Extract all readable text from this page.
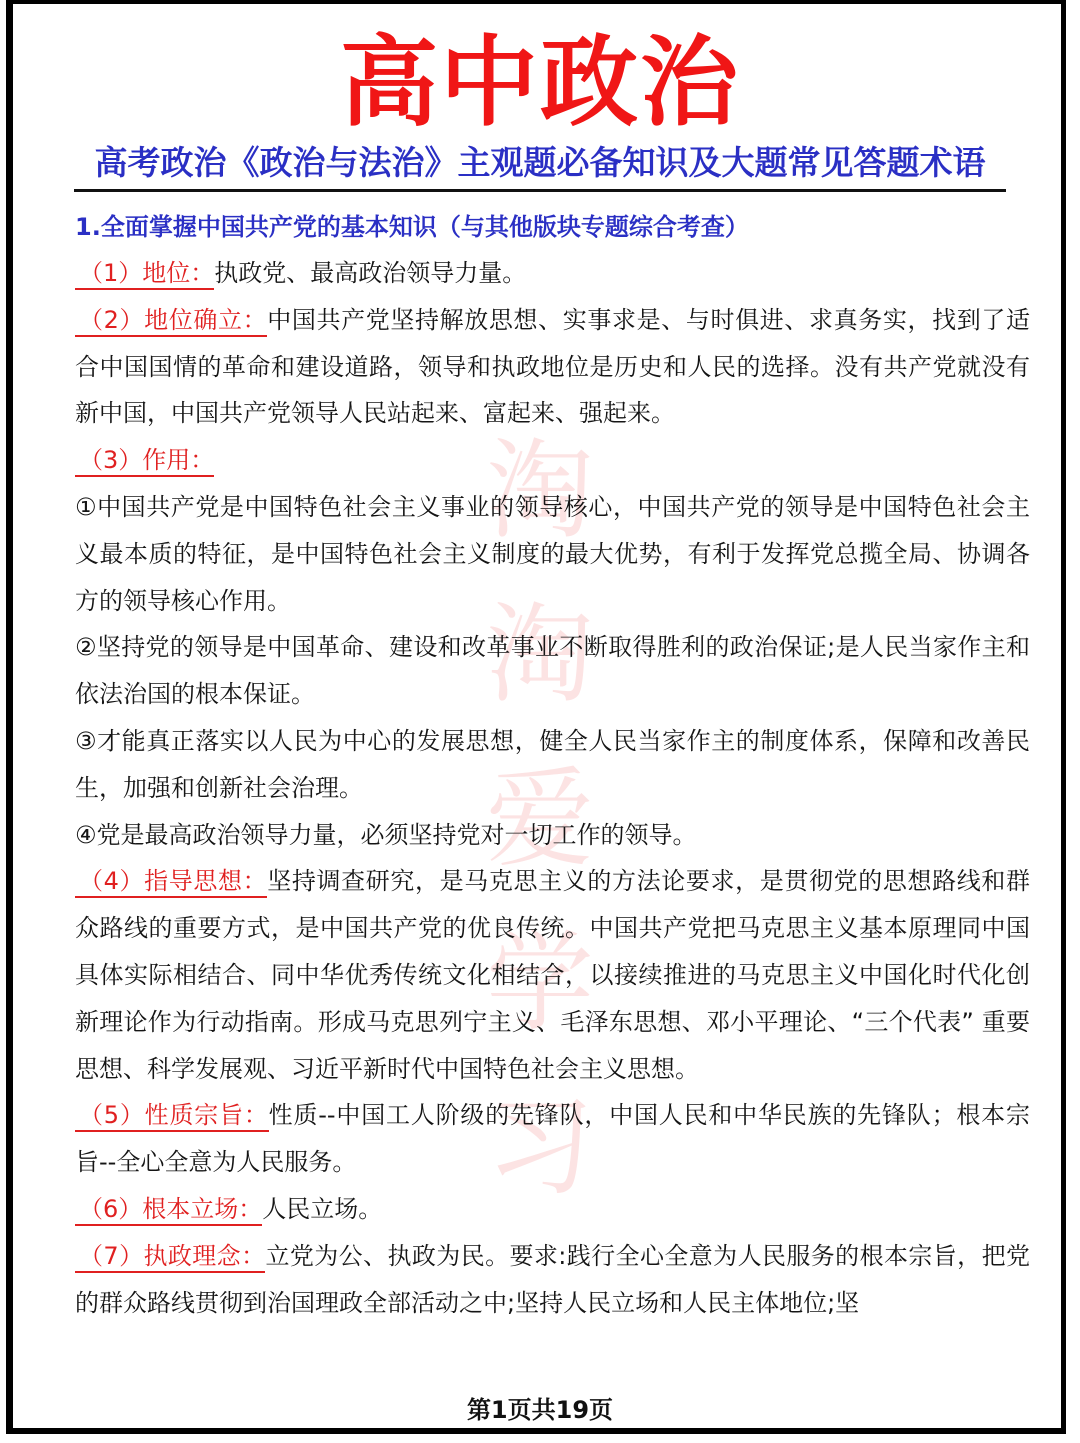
高中政治
高考政治《政治与法治》主观题必备知识及大题常见答题术语
1.全面掌握中国共产党的基本知识（与其他版块专题综合考查）

（1）地位：执政党、最高政治领导力量。

（2）地位确立：中国共产党坚持解放思想、实事求是、与时俱进、求真务实，找到了适合中国国情的革命和建设道路，领导和执政地位是历史和人民的选择。没有共产党就没有新中国，中国共产党领导人民站起来、富起来、强起来。

（3）作用：

①中国共产党是中国特色社会主义事业的领导核心，中国共产党的领导是中国特色社会主义最本质的特征，是中国特色社会主义制度的最大优势，有利于发挥党总揽全局、协调各方的领导核心作用。

②坚持党的领导是中国革命、建设和改革事业不断取得胜利的政治保证;是人民当家作主和依法治国的根本保证。

③才能真正落实以人民为中心的发展思想，健全人民当家作主的制度体系，保障和改善民生，加强和创新社会治理。

④党是最高政治领导力量，必须坚持党对一切工作的领导。

（4）指导思想：坚持调查研究，是马克思主义的方法论要求，是贯彻党的思想路线和群众路线的重要方式，是中国共产党的优良传统。中国共产党把马克思主义基本原理同中国具体实际相结合、同中华优秀传统文化相结合，以接续推进的马克思主义中国化时代化创新理论作为行动指南。形成马克思列宁主义、毛泽东思想、邓小平理论、“三个代表” 重要思想、科学发展观、习近平新时代中国特色社会主义思想。

（5）性质宗旨：性质--中国工人阶级的先锋队，中国人民和中华民族的先锋队；根本宗旨--全心全意为人民服务。

（6）根本立场：人民立场。

（7）执政理念：立党为公、执政为民。要求:践行全心全意为人民服务的根本宗旨，把党的群众路线贯彻到治国理政全部活动之中;坚持人民立场和人民主体地位;坚

第1页共19页
